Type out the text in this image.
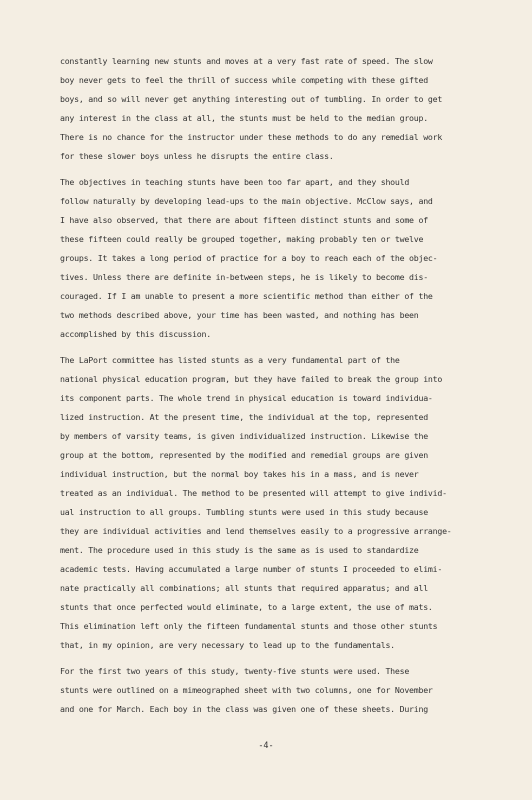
constantly learning new stunts and moves at a very fast rate of speed. The slow
boy never gets to feel the thrill of success while competing with these gifted
boys, and so will never get anything interesting out of tumbling. In order to get
any interest in the class at all, the stunts must be held to the median group.
There is no chance for the instructor under these methods to do any remedial work
for these slower boys unless he disrupts the entire class.
The objectives in teaching stunts have been too far apart, and they should
follow naturally by developing lead-ups to the main objective. McClow says, and
I have also observed, that there are about fifteen distinct stunts and some of
these fifteen could really be grouped together, making probably ten or twelve
groups. It takes a long period of practice for a boy to reach each of the objec-
tives. Unless there are definite in-between steps, he is likely to become dis-
couraged. If I am unable to present a more scientific method than either of the
two methods described above, your time has been wasted, and nothing has been
accomplished by this discussion.
The LaPort committee has listed stunts as a very fundamental part of the
national physical education program, but they have failed to break the group into
its component parts. The whole trend in physical education is toward individua-
lized instruction. At the present time, the individual at the top, represented
by members of varsity teams, is given individualized instruction. Likewise the
group at the bottom, represented by the modified and remedial groups are given
individual instruction, but the normal boy takes his in a mass, and is never
treated as an individual. The method to be presented will attempt to give individ-
ual instruction to all groups. Tumbling stunts were used in this study because
they are individual activities and lend themselves easily to a progressive arrange-
ment. The procedure used in this study is the same as is used to standardize
academic tests. Having accumulated a large number of stunts I proceeded to elimi-
nate practically all combinations; all stunts that required apparatus; and all
stunts that once perfected would eliminate, to a large extent, the use of mats.
This elimination left only the fifteen fundamental stunts and those other stunts
that, in my opinion, are very necessary to lead up to the fundamentals.
For the first two years of this study, twenty-five stunts were used. These
stunts were outlined on a mimeographed sheet with two columns, one for November
and one for March. Each boy in the class was given one of these sheets. During
-4-
